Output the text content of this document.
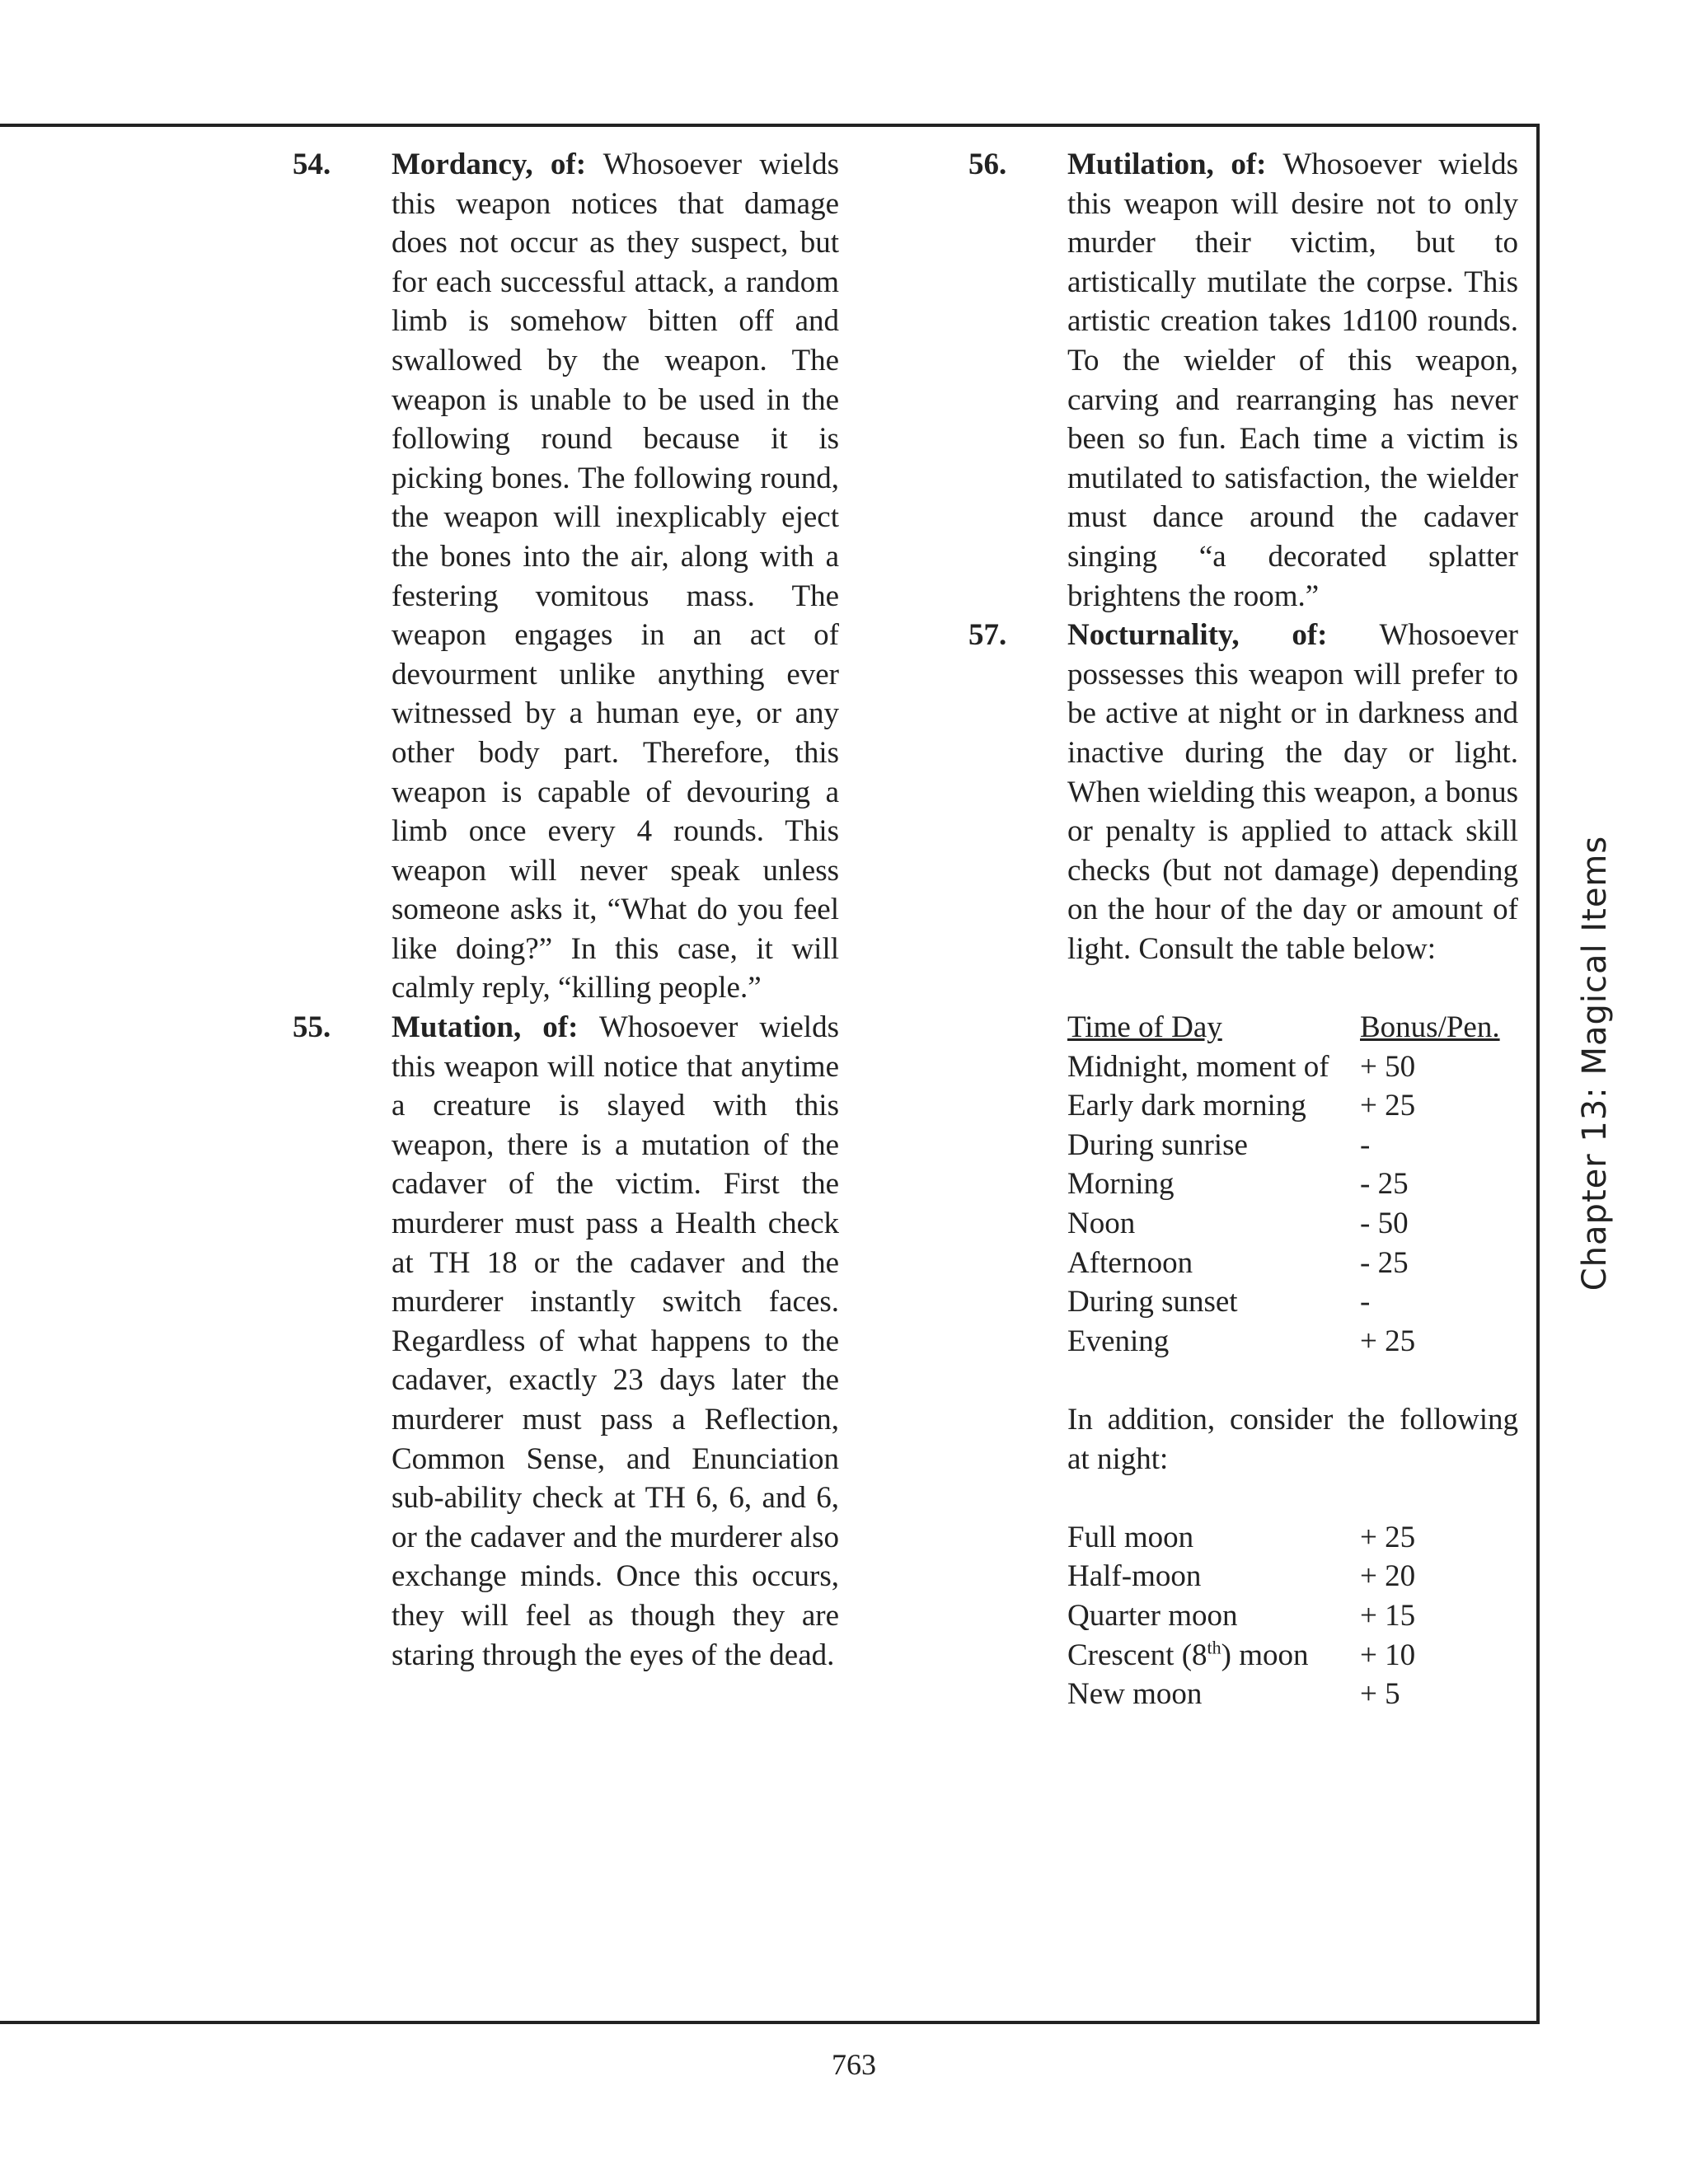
54. Mordancy, of: Whosoever wields this weapon notices that damage does not occur as they suspect, but for each successful attack, a random limb is somehow bitten off and swallowed by the weapon. The weapon is unable to be used in the following round because it is picking bones. The following round, the weapon will inexplicably eject the bones into the air, along with a festering vomitous mass. The weapon engages in an act of devourment unlike anything ever witnessed by a human eye, or any other body part. Therefore, this weapon is capable of devouring a limb once every 4 rounds. This weapon will never speak unless someone asks it, “What do you feel like doing?” In this case, it will calmly reply, “killing people.”

55. Mutation, of: Whosoever wields this weapon will notice that anytime a creature is slayed with this weapon, there is a mutation of the cadaver of the victim. First the murderer must pass a Health check at TH 18 or the cadaver and the murderer instantly switch faces. Regardless of what happens to the cadaver, exactly 23 days later the murderer must pass a Reflection, Common Sense, and Enunciation sub-ability check at TH 6, 6, and 6, or the cadaver and the murderer also exchange minds. Once this occurs, they will feel as though they are staring through the eyes of the dead.

56. Mutilation, of: Whosoever wields this weapon will desire not to only murder their victim, but to artistically mutilate the corpse. This artistic creation takes 1d100 rounds. To the wielder of this weapon, carving and rearranging has never been so fun. Each time a victim is mutilated to satisfaction, the wielder must dance around the cadaver singing “a decorated splatter brightens the room.”

57. Nocturnality, of: Whosoever possesses this weapon will prefer to be active at night or in darkness and inactive during the day or light. When wielding this weapon, a bonus or penalty is applied to attack skill checks (but not damage) depending on the hour of the day or amount of light. Consult the table below:

Time of Day	Bonus/Pen.
Midnight, moment of	+ 50
Early dark morning	+ 25
During sunrise	-
Morning	- 25
Noon	- 50
Afternoon	- 25
During sunset	-
Evening	+ 25

In addition, consider the following at night:

Full moon	+ 25
Half-moon	+ 20
Quarter moon	+ 15
Crescent (8th) moon	+ 10
New moon	+ 5
Chapter 13: Magical Items
763
